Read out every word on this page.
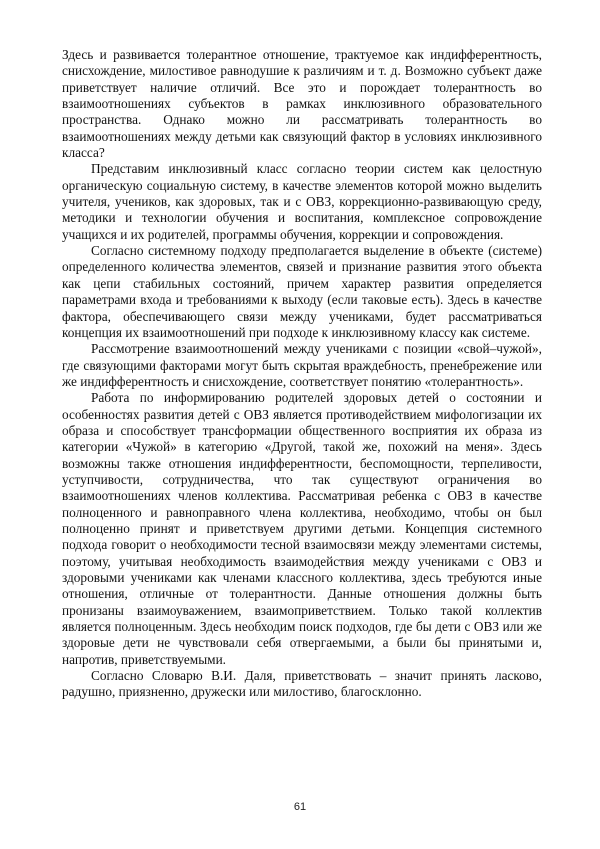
Здесь и развивается толерантное отношение, трактуемое как индифферентность, снисхождение, милостивое равнодушие к различиям и т. д. Возможно субъект даже приветствует наличие отличий. Все это и порождает толерантность во взаимоотношениях субъектов в рамках инклюзивного образовательного пространства. Однако можно ли рассматривать толерантность во взаимоотношениях между детьми как связующий фактор в условиях инклюзивного класса?

Представим инклюзивный класс согласно теории систем как целостную органическую социальную систему, в качестве элементов которой можно выделить учителя, учеников, как здоровых, так и с ОВЗ, коррекционно-развивающую среду, методики и технологии обучения и воспитания, комплексное сопровождение учащихся и их родителей, программы обучения, коррекции и сопровождения.

Согласно системному подходу предполагается выделение в объекте (системе) определенного количества элементов, связей и признание развития этого объекта как цепи стабильных состояний, причем характер развития определяется параметрами входа и требованиями к выходу (если таковые есть). Здесь в качестве фактора, обеспечивающего связи между учениками, будет рассматриваться концепция их взаимоотношений при подходе к инклюзивному классу как системе.

Рассмотрение взаимоотношений между учениками с позиции «свой–чужой», где связующими факторами могут быть скрытая враждебность, пренебрежение или же индифферентность и снисхождение, соответствует понятию «толерантность».

Работа по информированию родителей здоровых детей о состоянии и особенностях развития детей с ОВЗ является противодействием мифологизации их образа и способствует трансформации общественного восприятия их образа из категории «Чужой» в категорию «Другой, такой же, похожий на меня». Здесь возможны также отношения индифферентности, беспомощности, терпеливости, уступчивости, сотрудничества, что так существуют ограничения во взаимоотношениях членов коллектива. Рассматривая ребенка с ОВЗ в качестве полноценного и равноправного члена коллектива, необходимо, чтобы он был полноценно принят и приветствуем другими детьми. Концепция системного подхода говорит о необходимости тесной взаимосвязи между элементами системы, поэтому, учитывая необходимость взаимодействия между учениками с ОВЗ и здоровыми учениками как членами классного коллектива, здесь требуются иные отношения, отличные от толерантности. Данные отношения должны быть пронизаны взаимоуважением, взаимоприветствием. Только такой коллектив является полноценным. Здесь необходим поиск подходов, где бы дети с ОВЗ или же здоровые дети не чувствовали себя отвергаемыми, а были бы принятыми и, напротив, приветствуемыми.

Согласно Словарю В.И. Даля, приветствовать – значит принять ласково, радушно, приязненно, дружески или милостиво, благосклонно.

61
